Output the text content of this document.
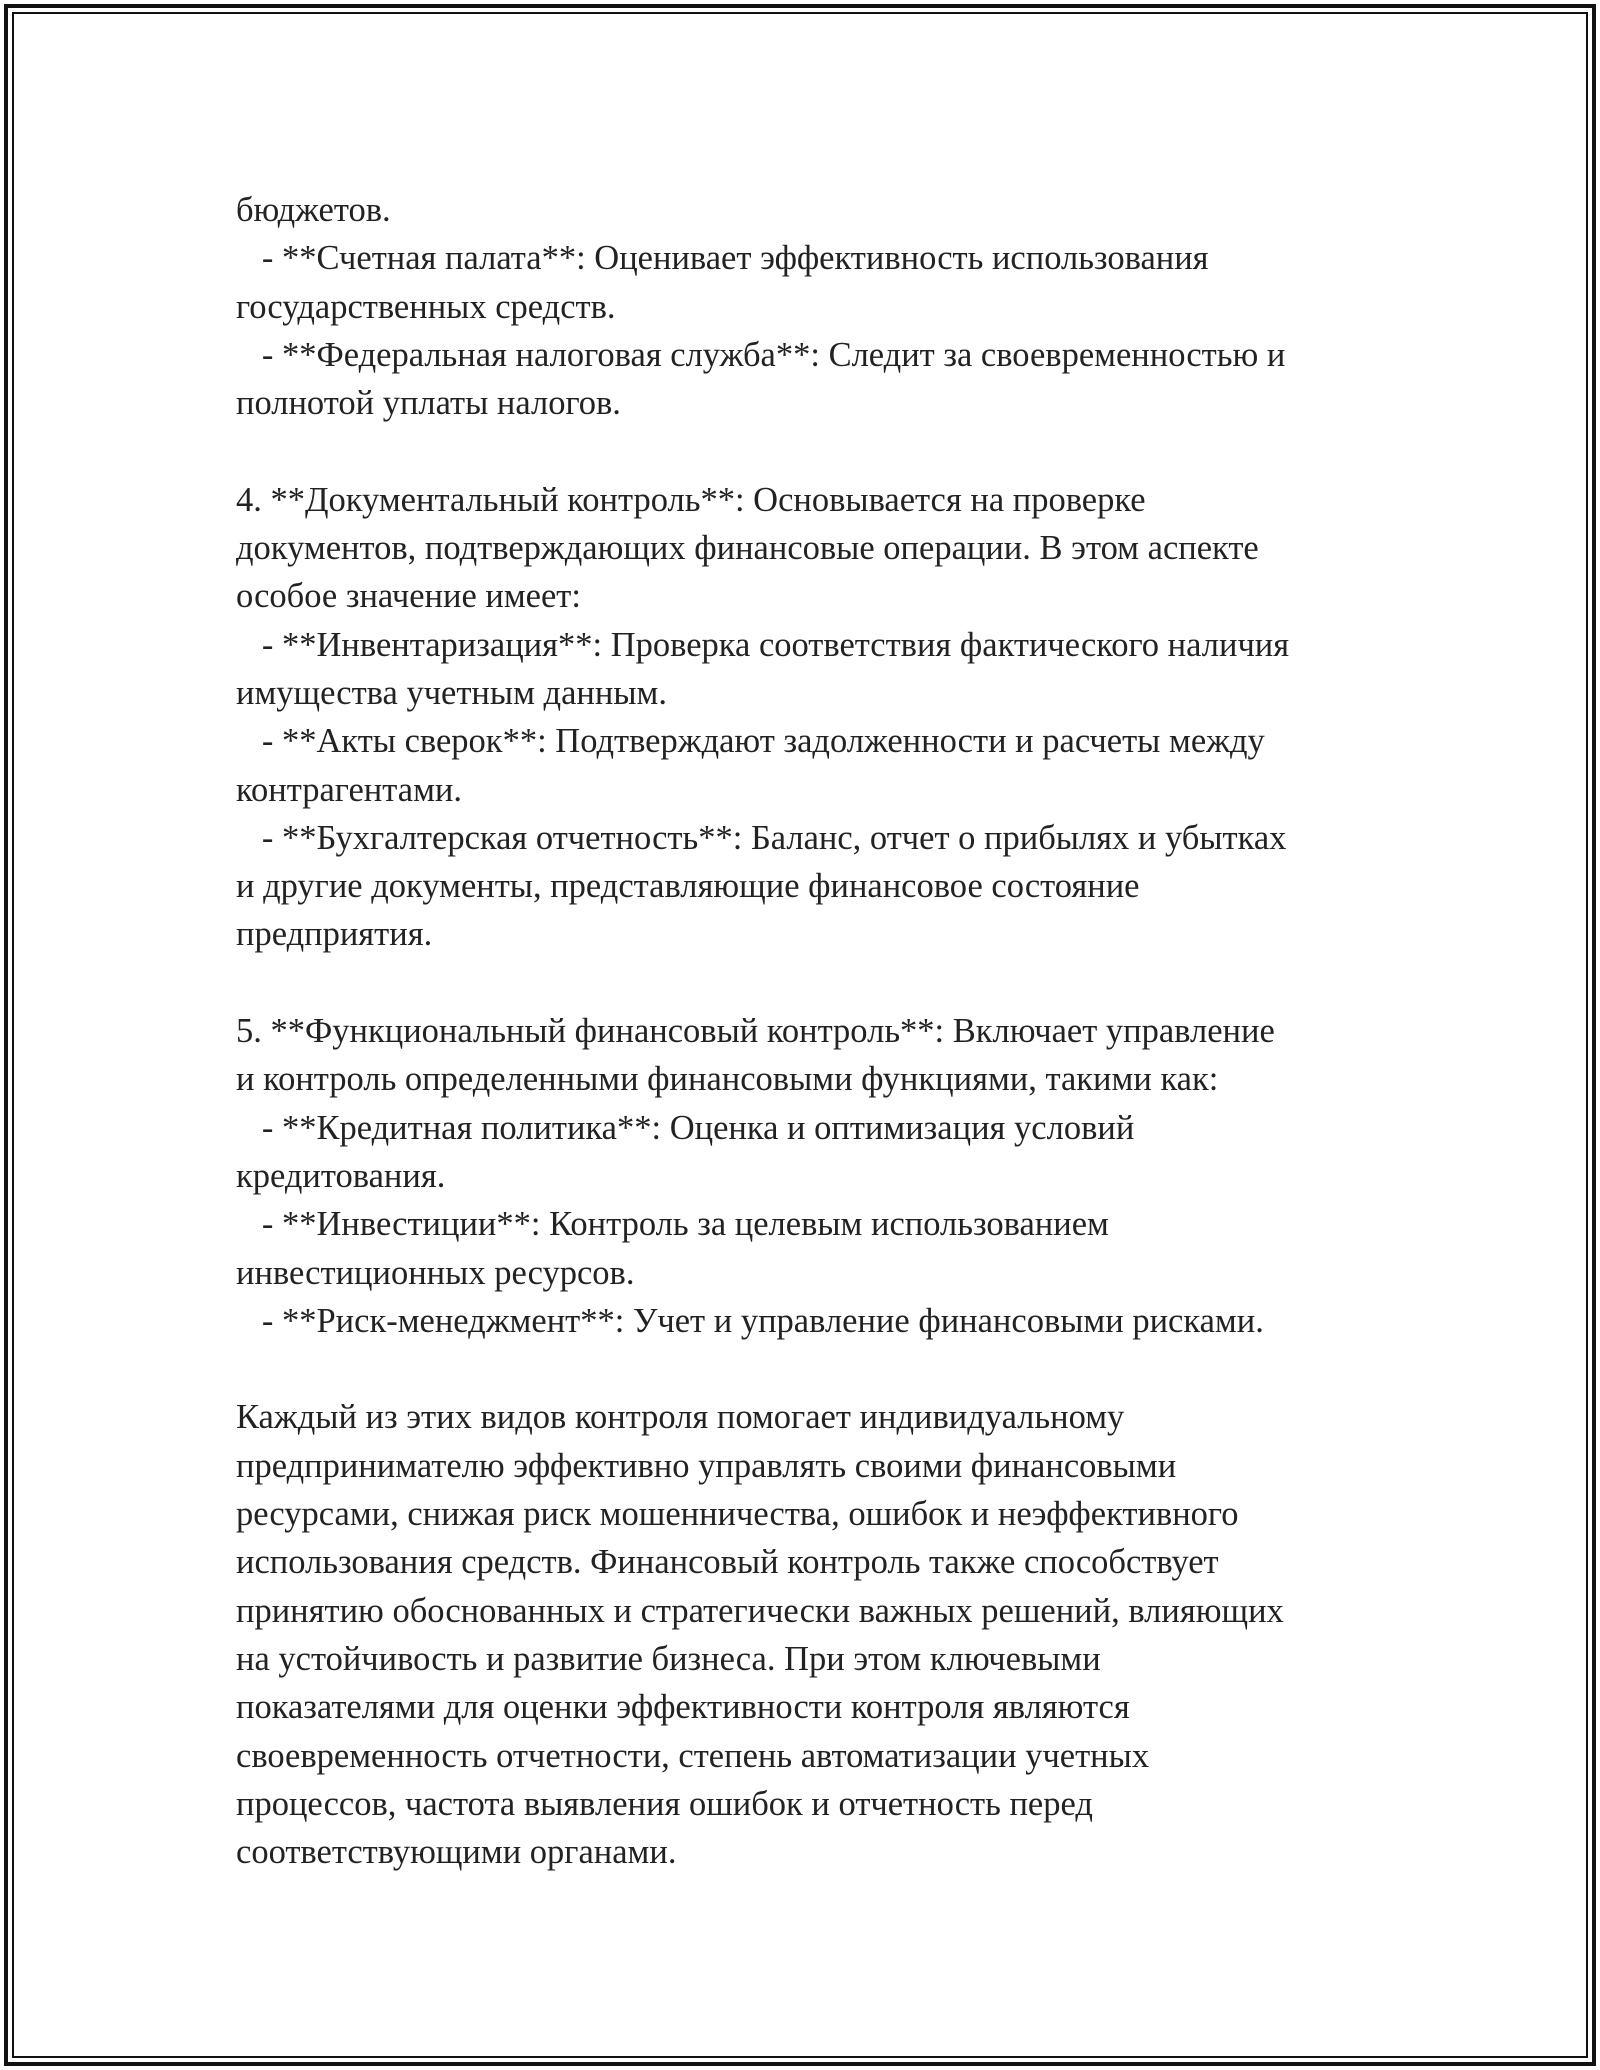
бюджетов.
- **Счетная палата**: Оценивает эффективность использования
государственных средств.
- **Федеральная налоговая служба**: Следит за своевременностью и
полнотой уплаты налогов.
4. **Документальный контроль**: Основывается на проверке
документов, подтверждающих финансовые операции. В этом аспекте
особое значение имеет:
- **Инвентаризация**: Проверка соответствия фактического наличия
имущества учетным данным.
- **Акты сверок**: Подтверждают задолженности и расчеты между
контрагентами.
- **Бухгалтерская отчетность**: Баланс, отчет о прибылях и убытках
и другие документы, представляющие финансовое состояние
предприятия.
5. **Функциональный финансовый контроль**: Включает управление
и контроль определенными финансовыми функциями, такими как:
- **Кредитная политика**: Оценка и оптимизация условий
кредитования.
- **Инвестиции**: Контроль за целевым использованием
инвестиционных ресурсов.
- **Риск-менеджмент**: Учет и управление финансовыми рисками.
Каждый из этих видов контроля помогает индивидуальному
предпринимателю эффективно управлять своими финансовыми
ресурсами, снижая риск мошенничества, ошибок и неэффективного
использования средств. Финансовый контроль также способствует
принятию обоснованных и стратегически важных решений, влияющих
на устойчивость и развитие бизнеса. При этом ключевыми
показателями для оценки эффективности контроля являются
своевременность отчетности, степень автоматизации учетных
процессов, частота выявления ошибок и отчетность перед
соответствующими органами.
